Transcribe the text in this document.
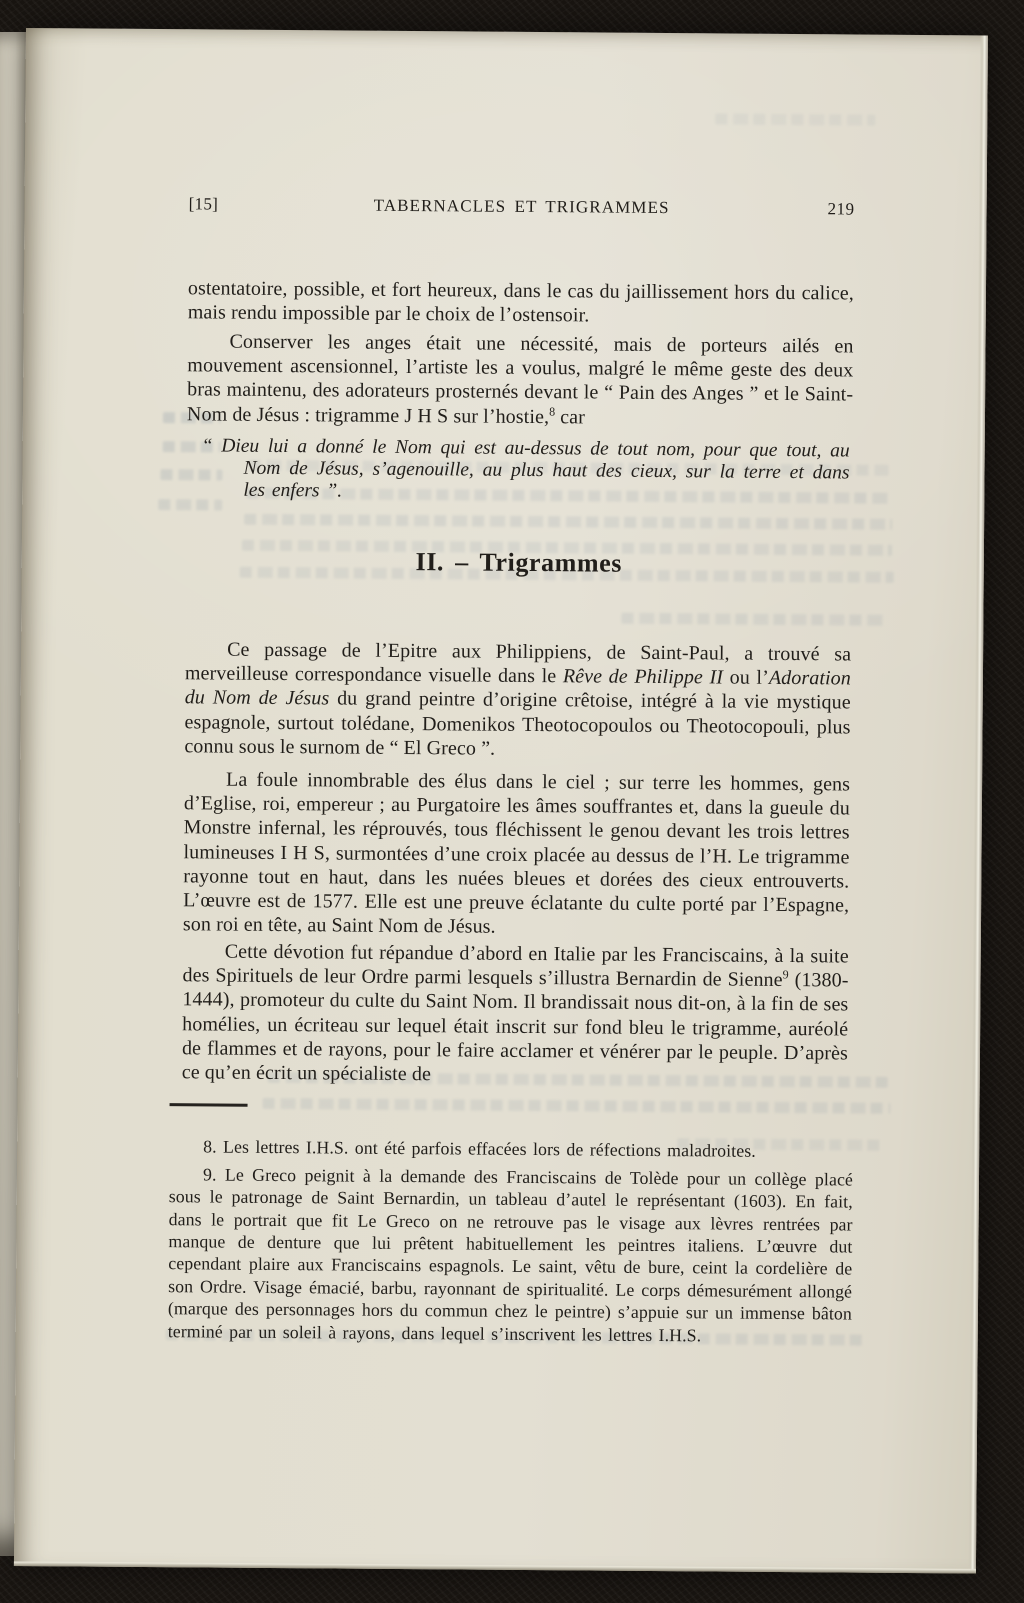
[15]	TABERNACLES ET TRIGRAMMES	219

ostentatoire, possible, et fort heureux, dans le cas du jaillissement hors du calice, mais rendu impossible par le choix de l’ostensoir.

Conserver les anges était une nécessité, mais de porteurs ailés en mouvement ascensionnel, l’artiste les a voulus, malgré le même geste des deux bras maintenu, des adorateurs prosternés devant le “ Pain des Anges ” et le Saint-Nom de Jésus : trigramme J H S sur l’hostie,$^8$ car

“ Dieu lui a donné le Nom qui est au-dessus de tout nom, pour que tout, au Nom de Jésus, s’agenouille, au plus haut des cieux, sur la terre et dans les enfers ”.

II. – Trigrammes

Ce passage de l’Epitre aux Philippiens, de Saint-Paul, a trouvé sa merveilleuse correspondance visuelle dans le Rêve de Philippe II ou l’Adoration du Nom de Jésus du grand peintre d’origine crêtoise, intégré à la vie mystique espagnole, surtout tolédane, Domenikos Theotocopoulos ou Theotocopouli, plus connu sous le surnom de “ El Greco ”.

La foule innombrable des élus dans le ciel ; sur terre les hommes, gens d’Eglise, roi, empereur ; au Purgatoire les âmes souffrantes et, dans la gueule du Monstre infernal, les réprouvés, tous fléchissent le genou devant les trois lettres lumineuses I H S, surmontées d’une croix placée au dessus de l’H. Le trigramme rayonne tout en haut, dans les nuées bleues et dorées des cieux entrouverts. L’œuvre est de 1577. Elle est une preuve éclatante du culte porté par l’Espagne, son roi en tête, au Saint Nom de Jésus.

Cette dévotion fut répandue d’abord en Italie par les Franciscains, à la suite des Spirituels de leur Ordre parmi lesquels s’illustra Bernardin de Sienne$^9$ (1380-1444), promoteur du culte du Saint Nom. Il brandissait nous dit-on, à la fin de ses homélies, un écriteau sur lequel était inscrit sur fond bleu le trigramme, auréolé de flammes et de rayons, pour le faire acclamer et vénérer par le peuple. D’après ce qu’en écrit un spécialiste de

8. Les lettres I.H.S. ont été parfois effacées lors de réfections maladroites.

9. Le Greco peignit à la demande des Franciscains de Tolède pour un collège placé sous le patronage de Saint Bernardin, un tableau d’autel le représentant (1603). En fait, dans le portrait que fit Le Greco on ne retrouve pas le visage aux lèvres rentrées par manque de denture que lui prêtent habituellement les peintres italiens. L’œuvre dut cependant plaire aux Franciscains espagnols. Le saint, vêtu de bure, ceint la cordelière de son Ordre. Visage émacié, barbu, rayonnant de spiritualité. Le corps démesurément allongé (marque des personnages hors du commun chez le peintre) s’appuie sur un immense bâton terminé par un soleil à rayons, dans lequel s’inscrivent les lettres I.H.S.
